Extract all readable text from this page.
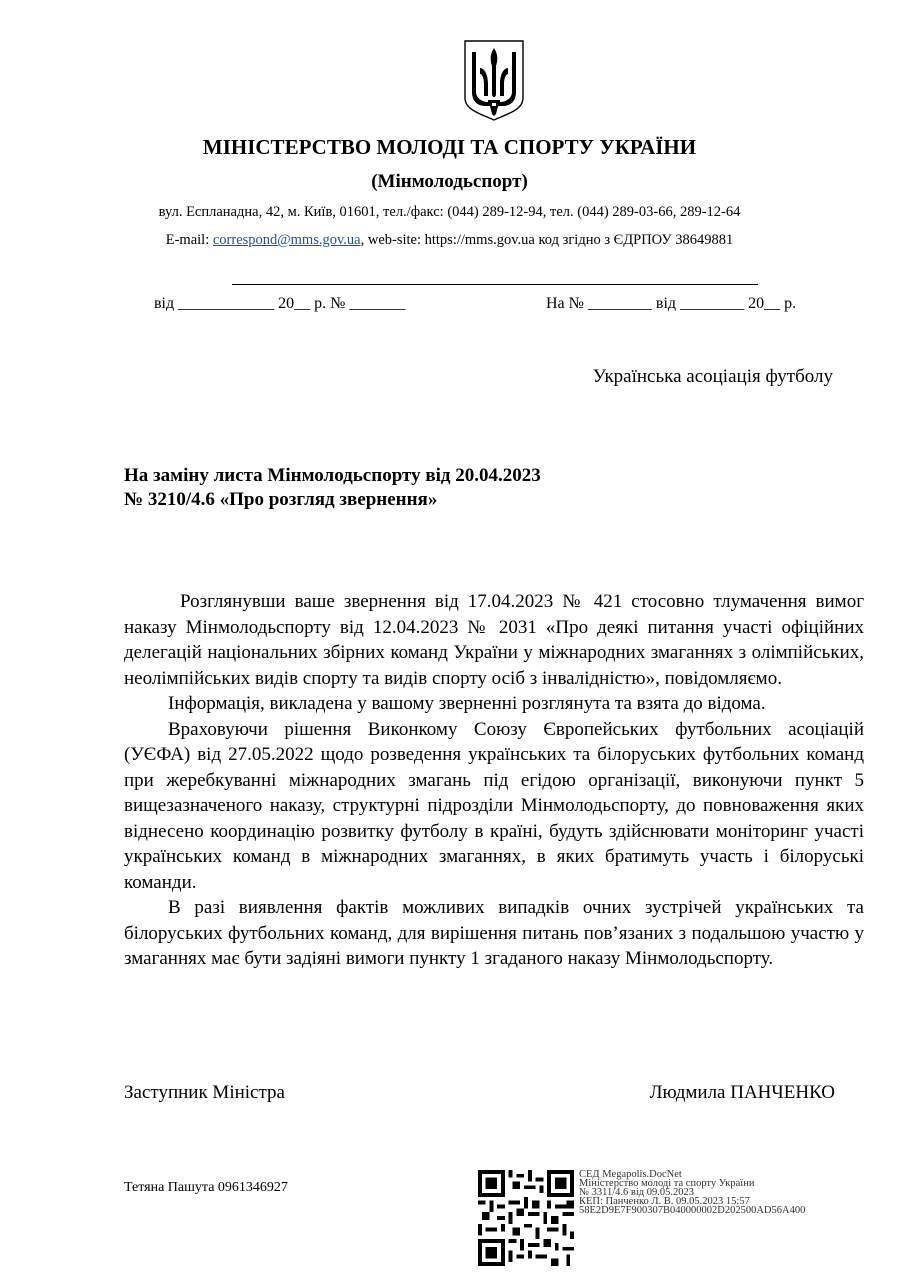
МІНІСТЕРСТВО МОЛОДІ ТА СПОРТУ УКРАЇНИ
(Мінмолодьспорт)
вул. Еспланадна, 42, м. Київ, 01601, тел./факс: (044) 289-12-94, тел. (044) 289-03-66, 289-12-64
E-mail: correspond@mms.gov.ua, web-site: https://mms.gov.ua код згідно з ЄДРПОУ 38649881
від ____________ 20__ р. № _______	На № ________ від ________ 20__ р.
Українська асоціація футболу
На заміну листа Мінмолодьспорту від 20.04.2023 № 3210/4.6 «Про розгляд звернення»

Розглянувши ваше звернення від 17.04.2023 № 421 стосовно тлумачення вимог наказу Мінмолодьспорту від 12.04.2023 № 2031 «Про деякі питання участі офіційних делегацій національних збірних команд України у міжнародних змаганнях з олімпійських, неолімпійських видів спорту та видів спорту осіб з інвалідністю», повідомляємо.

Інформація, викладена у вашому зверненні розглянута та взята до відома.

Враховуючи рішення Виконкому Союзу Європейських футбольних асоціацій (УЄФА) від 27.05.2022 щодо розведення українських та білоруських футбольних команд при жеребкуванні міжнародних змагань під егідою організації, виконуючи пункт 5 вищезазначеного наказу, структурні підрозділи Мінмолодьспорту, до повноваження яких віднесено координацію розвитку футболу в країні, будуть здійснювати моніторинг участі українських команд в міжнародних змаганнях, в яких братимуть участь і білоруські команди.

В разі виявлення фактів можливих випадків очних зустрічей українських та білоруських футбольних команд, для вирішення питань пов’язаних з подальшою участю у змаганнях має бути задіяні вимоги пункту 1 згаданого наказу Мінмолодьспорту.

Заступник Міністра	Людмила ПАНЧЕНКО
Тетяна Пашута 0961346927
СЕД Megapolis.DocNet
Міністерство молоді та спорту України
№ 3311/4.6 від 09.05.2023
КЕП: Панченко Л. В. 09.05.2023 15:57
58E2D9E7F900307B040000002D202500AD56A400
